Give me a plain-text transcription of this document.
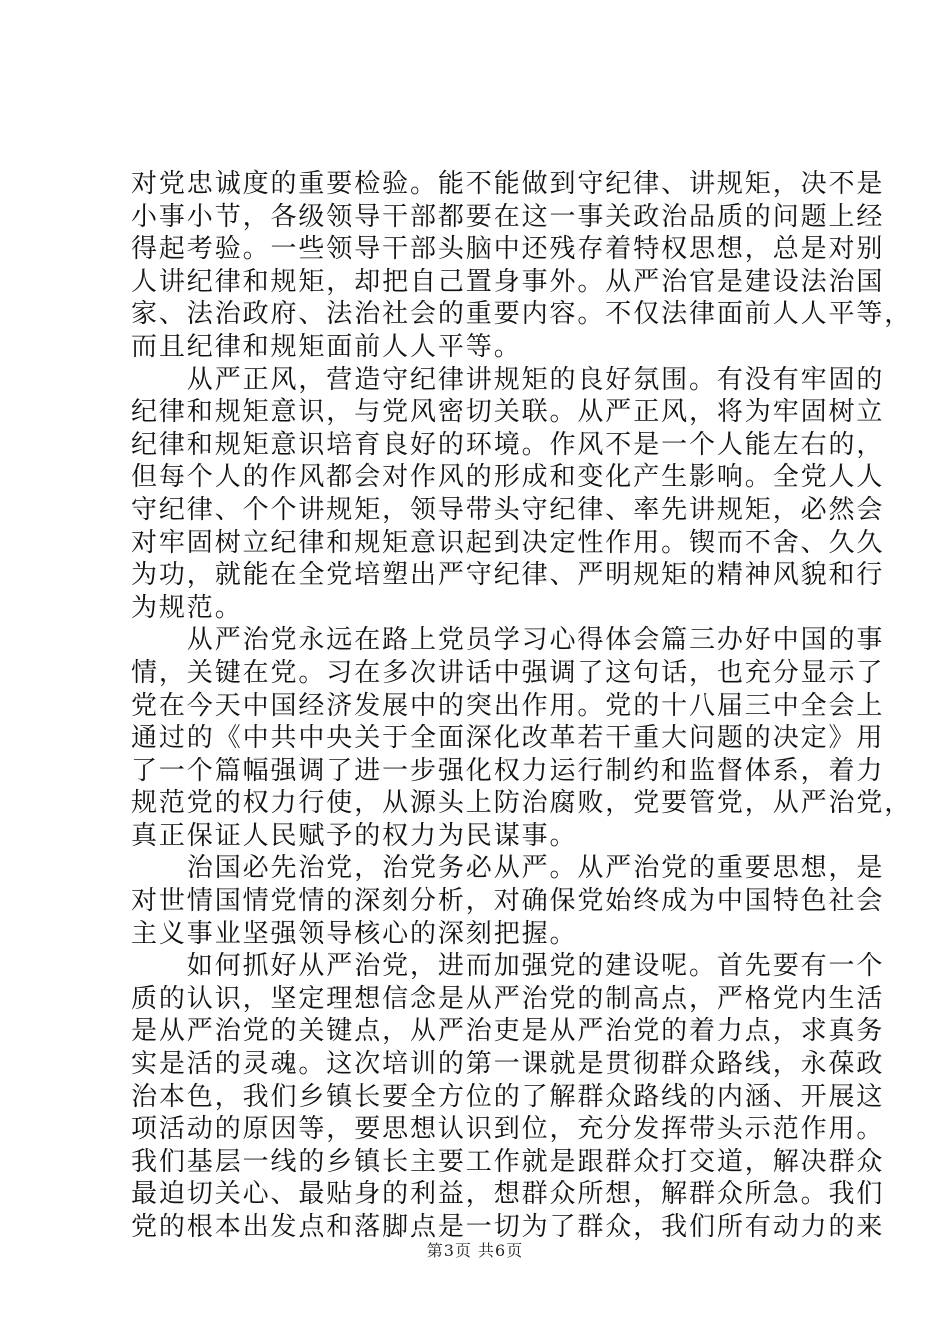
对党忠诚度的重要检验。能不能做到守纪律、讲规矩，决不是
小事小节，各级领导干部都要在这一事关政治品质的问题上经
得起考验。一些领导干部头脑中还残存着特权思想，总是对别
人讲纪律和规矩，却把自己置身事外。从严治官是建设法治国
家、法治政府、法治社会的重要内容。不仅法律面前人人平等，
而且纪律和规矩面前人人平等。
　　从严正风，营造守纪律讲规矩的良好氛围。有没有牢固的
纪律和规矩意识，与党风密切关联。从严正风，将为牢固树立
纪律和规矩意识培育良好的环境。作风不是一个人能左右的，
但每个人的作风都会对作风的形成和变化产生影响。全党人人
守纪律、个个讲规矩，领导带头守纪律、率先讲规矩，必然会
对牢固树立纪律和规矩意识起到决定性作用。锲而不舍、久久
为功，就能在全党培塑出严守纪律、严明规矩的精神风貌和行
为规范。
　　从严治党永远在路上党员学习心得体会篇三办好中国的事
情，关键在党。习在多次讲话中强调了这句话，也充分显示了
党在今天中国经济发展中的突出作用。党的十八届三中全会上
通过的《中共中央关于全面深化改革若干重大问题的决定》用
了一个篇幅强调了进一步强化权力运行制约和监督体系，着力
规范党的权力行使，从源头上防治腐败，党要管党，从严治党，
真正保证人民赋予的权力为民谋事。
　　治国必先治党，治党务必从严。从严治党的重要思想，是
对世情国情党情的深刻分析，对确保党始终成为中国特色社会
主义事业坚强领导核心的深刻把握。
　　如何抓好从严治党，进而加强党的建设呢。首先要有一个
质的认识，坚定理想信念是从严治党的制高点，严格党内生活
是从严治党的关键点，从严治吏是从严治党的着力点，求真务
实是活的灵魂。这次培训的第一课就是贯彻群众路线，永葆政
治本色，我们乡镇长要全方位的了解群众路线的内涵、开展这
项活动的原因等，要思想认识到位，充分发挥带头示范作用。
我们基层一线的乡镇长主要工作就是跟群众打交道，解决群众
最迫切关心、最贴身的利益，想群众所想，解群众所急。我们
党的根本出发点和落脚点是一切为了群众，我们所有动力的来
第3页 共6页
